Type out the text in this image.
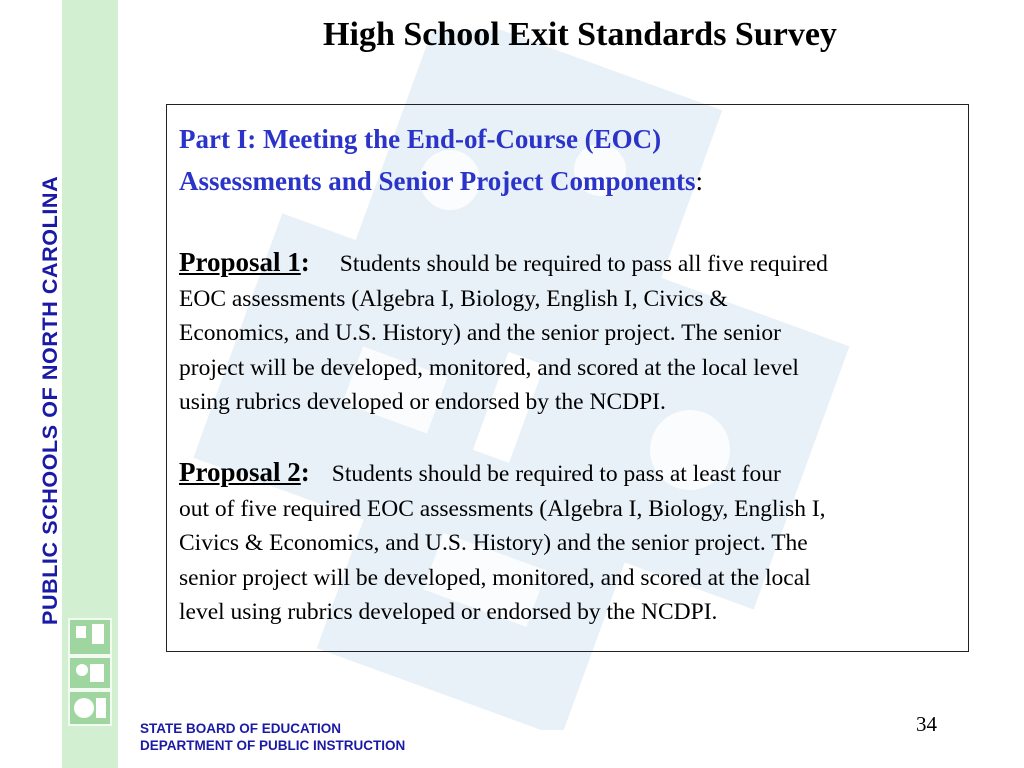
PUBLIC SCHOOLS OF NORTH CAROLINA
High School Exit Standards Survey
Part I: Meeting the End-of-Course (EOC)
Assessments and Senior Project Components:
Proposal 1: Students should be required to pass all five required
EOC assessments (Algebra I, Biology, English I, Civics &
Economics, and U.S. History) and the senior project. The senior
project will be developed, monitored, and scored at the local level
using rubrics developed or endorsed by the NCDPI.
Proposal 2: Students should be required to pass at least four
out of five required EOC assessments (Algebra I, Biology, English I,
Civics & Economics, and U.S. History) and the senior project. The
senior project will be developed, monitored, and scored at the local
level using rubrics developed or endorsed by the NCDPI.
STATE BOARD OF EDUCATION
DEPARTMENT OF PUBLIC INSTRUCTION
34
